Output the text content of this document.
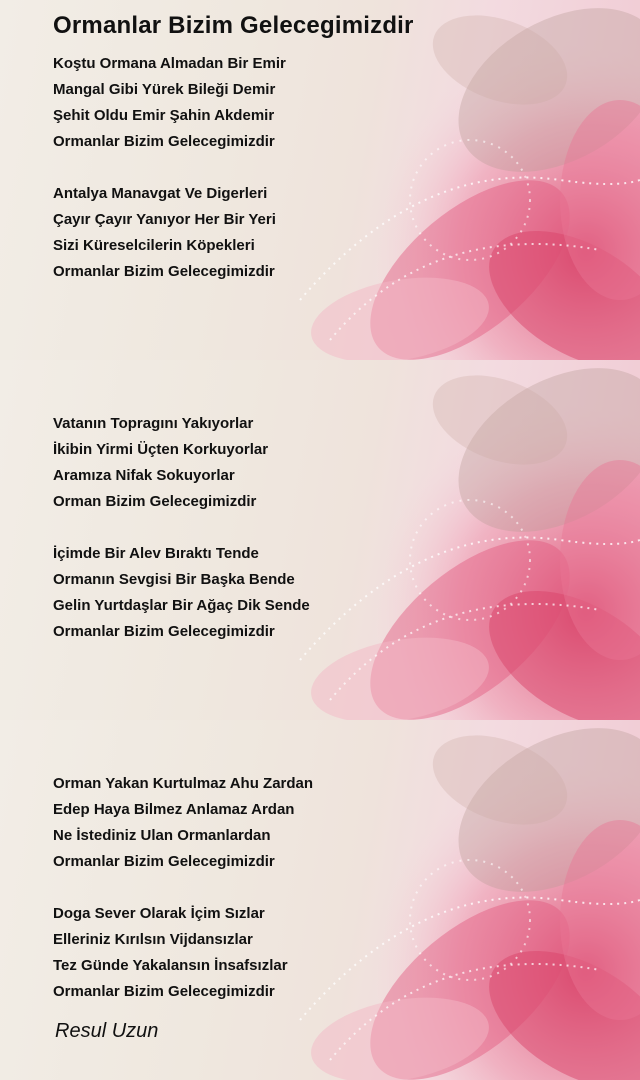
Ormanlar Bizim Gelecegimizdir
Koştu Ormana Almadan Bir Emir
Mangal Gibi Yürek Bileği Demir
Şehit Oldu Emir Şahin Akdemir
Ormanlar Bizim Gelecegimizdir
Antalya Manavgat Ve Digerleri
Çayır Çayır Yanıyor Her Bir Yeri
Sizi Küreselcilerin Köpekleri
Ormanlar Bizim Gelecegimizdir
Vatanın Topragını Yakıyorlar
İkibin Yirmi Üçten Korkuyorlar
Aramıza Nifak Sokuyorlar
Orman Bizim Gelecegimizdir
İçimde Bir Alev Bıraktı Tende
Ormanın Sevgisi Bir Başka Bende
Gelin Yurtdaşlar Bir Ağaç Dik Sende
Ormanlar Bizim Gelecegimizdir
Orman Yakan Kurtulmaz Ahu Zardan
Edep Haya Bilmez Anlamaz Ardan
Ne İstediniz Ulan Ormanlardan
Ormanlar Bizim Gelecegimizdir
Doga Sever Olarak İçim Sızlar
Elleriniz Kırılsın Vijdansızlar
Tez Günde Yakalansın İnsafsızlar
Ormanlar Bizim Gelecegimizdir
Resul Uzun
